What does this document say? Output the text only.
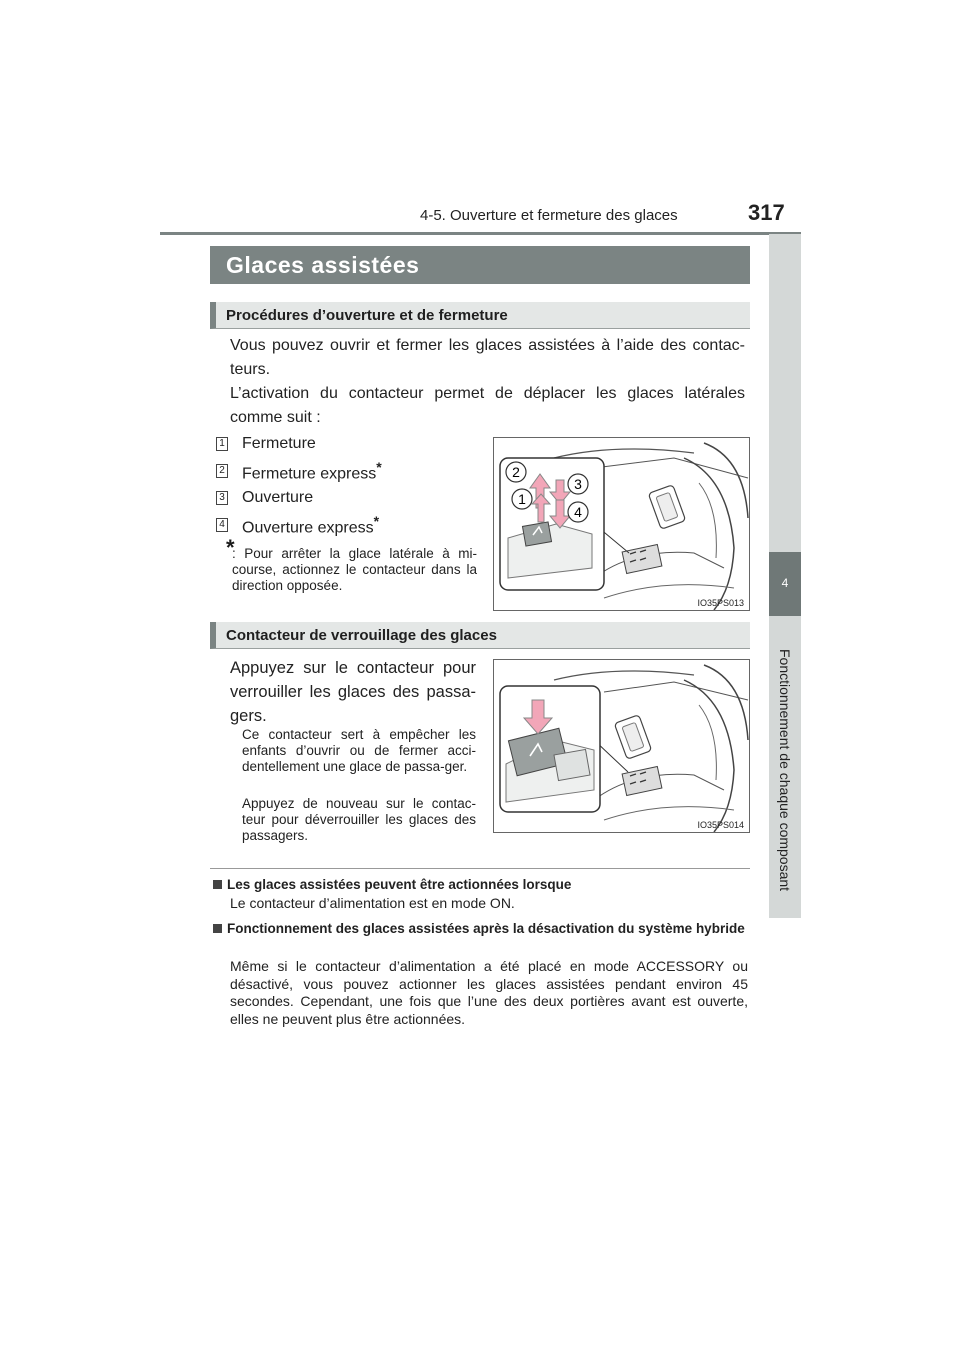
4-5. Ouverture et fermeture des glaces	317
4
Fonctionnement de chaque composant
Glaces assistées
Procédures d’ouverture et de fermeture
Vous pouvez ouvrir et fermer les glaces assistées à l’aide des contac-teurs.
L’activation du contacteur permet de déplacer les glaces latérales comme suit :
1 Fermeture
2 Fermeture express*
3 Ouverture
4 Ouverture express*
*
: Pour arrêter la glace latérale à mi-course, actionnez le contacteur dans la direction opposée.
2
3
1
4
IO35PS013
Contacteur de verrouillage des glaces
Appuyez sur le contacteur pour verrouiller les glaces des passa-gers.
Ce contacteur sert à empêcher les enfants d’ouvrir ou de fermer acci-dentellement une glace de passa-ger.
Appuyez de nouveau sur le contac-teur pour déverrouiller les glaces des passagers.
IO35PS014
Les glaces assistées peuvent être actionnées lorsque
Le contacteur d’alimentation est en mode ON.
Fonctionnement des glaces assistées après la désactivation du système hybride
Même si le contacteur d’alimentation a été placé en mode ACCESSORY ou désactivé, vous pouvez actionner les glaces assistées pendant environ 45 secondes. Cependant, une fois que l’une des deux portières avant est ouverte, elles ne peuvent plus être actionnées.
